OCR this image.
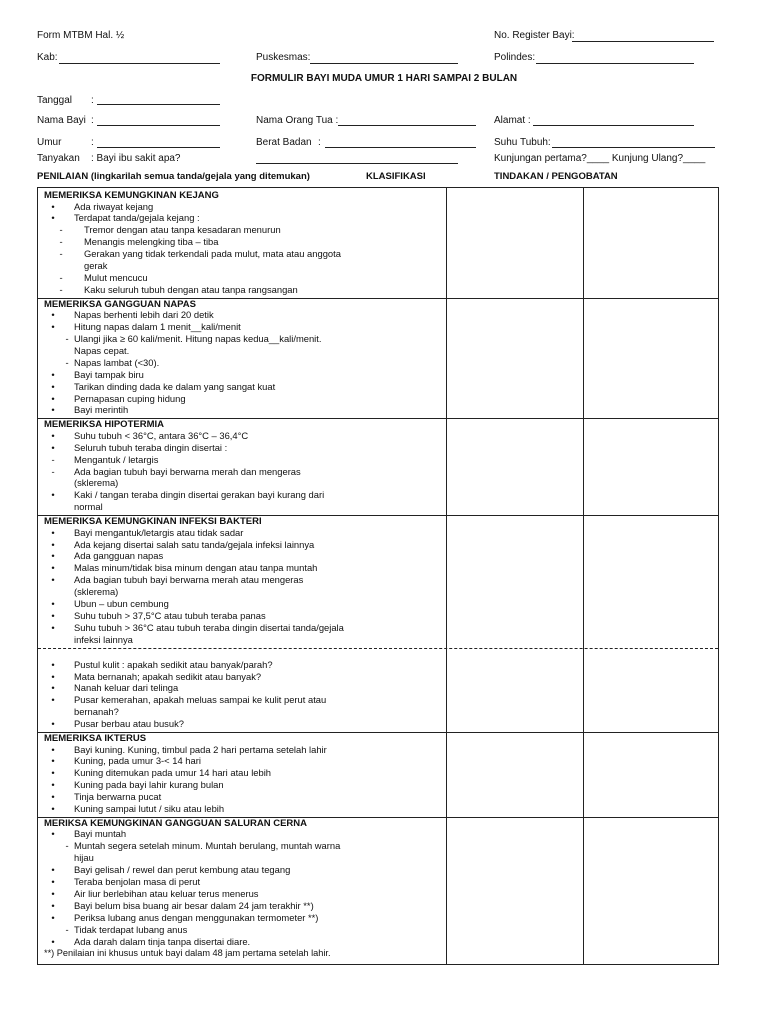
Form MTBM Hal. ½	No. Register Bayi:
Kab:	Puskesmas:	Polindes:
FORMULIR BAYI MUDA UMUR 1 HARI SAMPAI 2 BULAN
Tanggal :
Nama Bayi :	Nama Orang Tua :	Alamat :
Umur	:	Berat Badan :	Suhu Tubuh:
Tanyakan : Bayi ibu sakit apa?	Kunjungan pertama?____ Kunjung Ulang?____
PENILAIAN (lingkarilah semua tanda/gejala yang ditemukan)	KLASIFIKASI	TINDAKAN / PENGOBATAN
MEMERIKSA KEMUNGKINAN KEJANG
•	Ada riwayat kejang
•	Terdapat tanda/gejala kejang :
-	Tremor dengan atau tanpa kesadaran menurun
-	Menangis melengking tiba – tiba
-	Gerakan yang tidak terkendali pada mulut, mata atau anggota
gerak
-	Mulut mencucu
-	Kaku seluruh tubuh dengan atau tanpa rangsangan
MEMERIKSA GANGGUAN NAPAS
•	Napas berhenti lebih dari 20 detik
•	Hitung napas dalam 1 menit__kali/menit
- Ulangi jika ≥ 60 kali/menit. Hitung napas kedua__kali/menit.
Napas cepat.
- Napas lambat (<30).
•	Bayi tampak biru
•	Tarikan dinding dada ke dalam yang sangat kuat
•	Pernapasan cuping hidung
•	Bayi merintih
MEMERIKSA HIPOTERMIA
•	Suhu tubuh < 36°C, antara 36°C – 36,4°C
•	Seluruh tubuh teraba dingin disertai :
-	Mengantuk / letargis
-	Ada bagian tubuh bayi berwarna merah dan mengeras
(sklerema)
•	Kaki / tangan teraba dingin disertai gerakan bayi kurang dari
normal
MEMERIKSA KEMUNGKINAN INFEKSI BAKTERI
•	Bayi mengantuk/letargis atau tidak sadar
•	Ada kejang disertai salah satu tanda/gejala infeksi lainnya
•	Ada gangguan napas
•	Malas minum/tidak bisa minum dengan atau tanpa muntah
•	Ada bagian tubuh bayi berwarna merah atau mengeras
(sklerema)
•	Ubun – ubun cembung
•	Suhu tubuh > 37,5°C atau tubuh teraba panas
•	Suhu tubuh > 36°C atau tubuh teraba dingin disertai tanda/gejala
infeksi lainnya
•	Pustul kulit : apakah sedikit atau banyak/parah?
•	Mata bernanah; apakah sedikit atau banyak?
•	Nanah keluar dari telinga
•	Pusar kemerahan, apakah meluas sampai ke kulit perut atau
bernanah?
•	Pusar berbau atau busuk?
MEMERIKSA IKTERUS
•	Bayi kuning. Kuning, timbul pada 2 hari pertama setelah lahir
•	Kuning, pada umur 3-< 14 hari
•	Kuning ditemukan pada umur 14 hari atau lebih
•	Kuning pada bayi lahir kurang bulan
•	Tinja berwarna pucat
•	Kuning sampai lutut / siku atau lebih
MERIKSA KEMUNGKINAN GANGGUAN SALURAN CERNA
•	Bayi muntah
- Muntah segera setelah minum. Muntah berulang, muntah warna
hijau
•	Bayi gelisah / rewel dan perut kembung atau tegang
•	Teraba benjolan masa di perut
•	Air liur berlebihan atau keluar terus menerus
•	Bayi belum bisa buang air besar dalam 24 jam terakhir **)
•	Periksa lubang anus dengan menggunakan termometer **)
- Tidak terdapat lubang anus
•	Ada darah dalam tinja tanpa disertai diare.
**) Penilaian ini khusus untuk bayi dalam 48 jam pertama setelah lahir.
